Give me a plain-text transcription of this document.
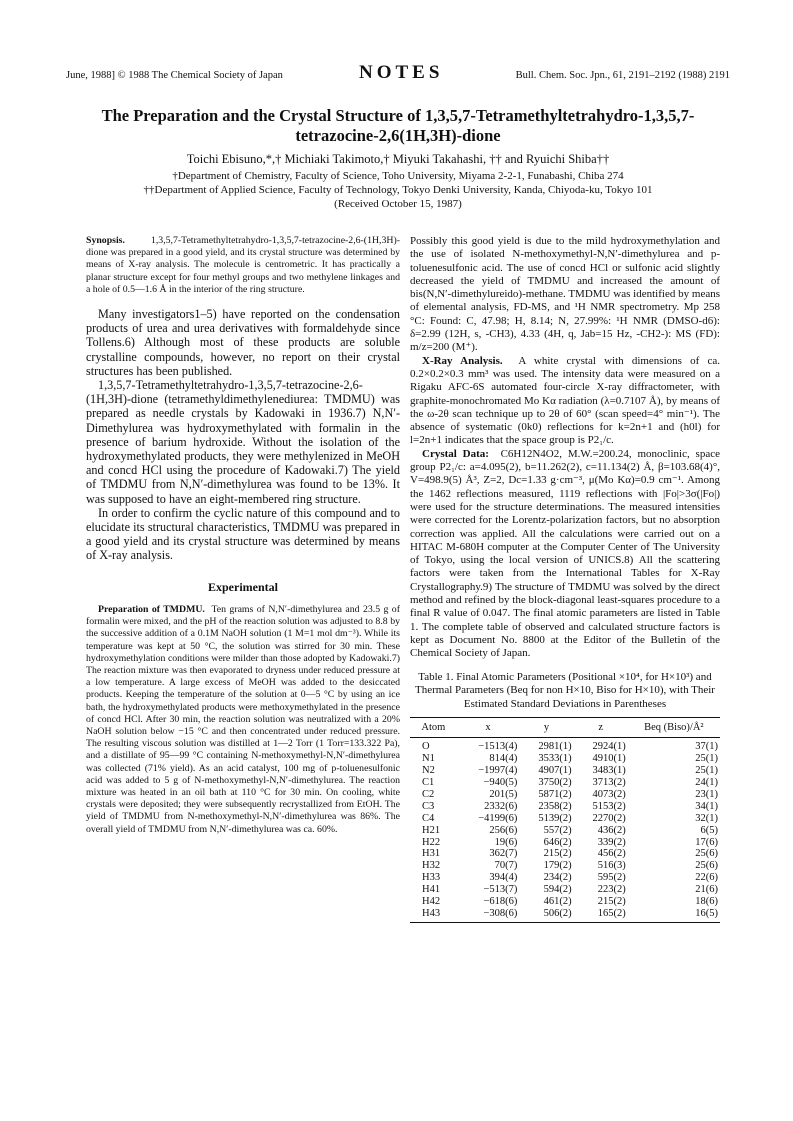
June, 1988] © 1988 The Chemical Society of Japan	NOTES	Bull. Chem. Soc. Jpn., 61, 2191–2192 (1988) 2191
The Preparation and the Crystal Structure of 1,3,5,7-Tetramethyltetrahydro-1,3,5,7-tetrazocine-2,6(1H,3H)-dione
Toichi Ebisuno,*,† Michiaki Takimoto,† Miyuki Takahashi, †† and Ryuichi Shiba††
†Department of Chemistry, Faculty of Science, Toho University, Miyama 2-2-1, Funabashi, Chiba 274
††Department of Applied Science, Faculty of Technology, Tokyo Denki University, Kanda, Chiyoda-ku, Tokyo 101
(Received October 15, 1987)

Synopsis.	1,3,5,7-Tetramethyltetrahydro-1,3,5,7-tetrazocine-2,6-(1H,3H)-dione was prepared in a good yield, and its crystal structure was determined by means of X-ray analysis. The molecule is centrometric. It has practically a planar structure except for four methyl groups and two methylene linkages and a hole of 0.5—1.6 Å in the interior of the ring structure.

Many investigators1–5) have reported on the condensation products of urea and urea derivatives with formaldehyde since Tollens.6) Although most of these products are soluble crystalline compounds, however, no report on their crystal structures has been published.

1,3,5,7-Tetramethyltetrahydro-1,3,5,7-tetrazocine-2,6-(1H,3H)-dione (tetramethyldimethylenediurea: TMDMU) was prepared as needle crystals by Kadowaki in 1936.7) N,N′-Dimethylurea was hydroxymethylated with formalin in the presence of barium hydroxide. Without the isolation of the hydroxymethylated products, they were methylenized in MeOH and concd HCl using the procedure of Kadowaki.7) The yield of TMDMU from N,N′-dimethylurea was found to be 13%. It was supposed to have an eight-membered ring structure.

In order to confirm the cyclic nature of this compound and to elucidate its structural characteristics, TMDMU was prepared in a good yield and its crystal structure was determined by means of X-ray analysis.

Experimental

Preparation of TMDMU. Ten grams of N,N′-dimethylurea and 23.5 g of formalin were mixed, and the pH of the reaction solution was adjusted to 8.8 by the successive addition of a 0.1M NaOH solution (1 M=1 mol dm⁻³). While its temperature was kept at 50 °C, the solution was stirred for 30 min. These hydroxymethylation conditions were milder than those adopted by Kadowaki.7) The reaction mixture was then evaporated to dryness under reduced pressure at a low temperature. A large excess of MeOH was added to the desiccated products. Keeping the temperature of the solution at 0—5 °C by using an ice bath, the hydroxymethylated products were methoxymethylated in the presence of concd HCl. After 30 min, the reaction solution was neutralized with a 20% NaOH solution below −15 °C and then concentrated under reduced pressure. The resulting viscous solution was distilled at 1—2 Torr (1 Torr=133.322 Pa), and a distillate of 95—99 °C containing N-methoxymethyl-N,N′-dimethylurea was collected (71% yield). As an acid catalyst, 100 mg of p-toluenesulfonic acid was added to 5 g of N-methoxymethyl-N,N′-dimethylurea. The reaction mixture was heated in an oil bath at 110 °C for 30 min. On cooling, white crystals were deposited; they were subsequently recrystallized from EtOH. The yield of TMDMU from N-methoxymethyl-N,N′-dimethylurea was 86%. The overall yield of TMDMU from N,N′-dimethylurea was ca. 60%.

Possibly this good yield is due to the mild hydroxymethylation and the use of isolated N-methoxymethyl-N,N′-dimethylurea and p-toluenesulfonic acid. The use of concd HCl or sulfonic acid slightly decreased the yield of TMDMU and increased the amount of bis(N,N′-dimethylureido)-methane. TMDMU was identified by means of elemental analysis, FD-MS, and ¹H NMR spectrometry. Mp 258 °C: Found: C, 47.98; H, 8.14; N, 27.99%: ¹H NMR (DMSO-d6): δ=2.99 (12H, s, -CH3), 4.33 (4H, q, Jab=15 Hz, -CH2-): MS (FD): m/z=200 (M⁺).

X-Ray Analysis. A white crystal with dimensions of ca. 0.2×0.2×0.3 mm³ was used. The intensity data were measured on a Rigaku AFC-6S automated four-circle X-ray diffractometer, with graphite-monochromated Mo Kα radiation (λ=0.7107 Å), by means of the ω-2θ scan technique up to 2θ of 60° (scan speed=4° min⁻¹). The absence of systematic (0k0) reflections for k=2n+1 and (h0l) for l=2n+1 indicates that the space group is P2₁/c.

Crystal Data: C6H12N4O2, M.W.=200.24, monoclinic, space group P2₁/c: a=4.095(2), b=11.262(2), c=11.134(2) Å, β=103.68(4)°, V=498.9(5) Å³, Z=2, Dc=1.33 g·cm⁻³, μ(Mo Kα)=0.9 cm⁻¹. Among the 1462 reflections measured, 1119 reflections with |Fo|>3σ(|Fo|) were used for the structure determinations. The measured intensities were corrected for the Lorentz-polarization factors, but no absorption correction was applied. All the calculations were carried out on a HITAC M-680H computer at the Computer Center of The University of Tokyo, using the local version of UNICS.8) All the scattering factors were taken from the International Tables for X-Ray Crystallography.9) The structure of TMDMU was solved by the direct method and refined by the block-diagonal least-squares procedure to a final R value of 0.047. The final atomic parameters are listed in Table 1. The complete table of observed and calculated structure factors is kept as Document No. 8800 at the Editor of the Bulletin of the Chemical Society of Japan.

Table 1. Final Atomic Parameters (Positional ×10⁴, for H×10³) and Thermal Parameters (Beq for non H×10, Biso for H×10), with Their Estimated Standard Deviations in Parentheses
Atom	x	y	z	Beq (Biso)/Å²
O	−1513(4)	2981(1)	2924(1)	37(1)
N1	814(4)	3533(1)	4910(1)	25(1)
N2	−1997(4)	4907(1)	3483(1)	25(1)
C1	−940(5)	3750(2)	3713(2)	24(1)
C2	201(5)	5871(2)	4073(2)	23(1)
C3	2332(6)	2358(2)	5153(2)	34(1)
C4	−4199(6)	5139(2)	2270(2)	32(1)
H21	256(6)	557(2)	436(2)	6(5)
H22	19(6)	646(2)	339(2)	17(6)
H31	362(7)	215(2)	456(2)	25(6)
H32	70(7)	179(2)	516(3)	25(6)
H33	394(4)	234(2)	595(2)	22(6)
H41	−513(7)	594(2)	223(2)	21(6)
H42	−618(6)	461(2)	215(2)	18(6)
H43	−308(6)	506(2)	165(2)	16(5)
